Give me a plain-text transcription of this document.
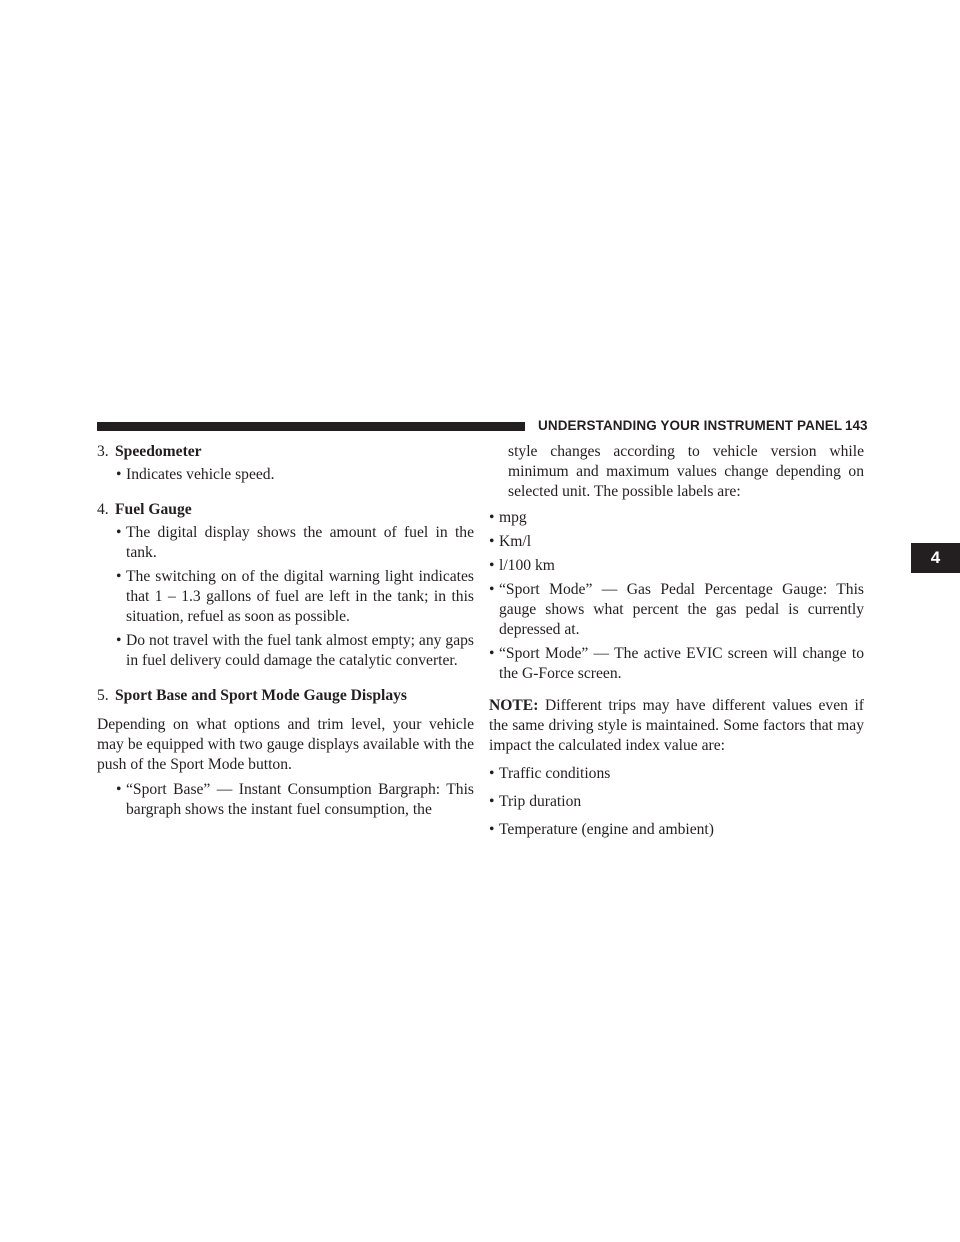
UNDERSTANDING YOUR INSTRUMENT PANEL 143
4
3. Speedometer
• Indicates vehicle speed.
4. Fuel Gauge
• The digital display shows the amount of fuel in the tank.
• The switching on of the digital warning light indicates that 1 – 1.3 gallons of fuel are left in the tank; in this situation, refuel as soon as possible.
• Do not travel with the fuel tank almost empty; any gaps in fuel delivery could damage the catalytic converter.
5. Sport Base and Sport Mode Gauge Displays

Depending on what options and trim level, your vehicle may be equipped with two gauge displays available with the push of the Sport Mode button.

• “Sport Base” — Instant Consumption Bargraph: This bargraph shows the instant fuel consumption, the

style changes according to vehicle version while minimum and maximum values change depending on selected unit. The possible labels are:

• mpg
• Km/l
• l/100 km
• “Sport Mode” — Gas Pedal Percentage Gauge: This gauge shows what percent the gas pedal is currently depressed at.
• “Sport Mode” — The active EVIC screen will change to the G-Force screen.

NOTE: Different trips may have different values even if the same driving style is maintained. Some factors that may impact the calculated index value are:

• Traffic conditions
• Trip duration
• Temperature (engine and ambient)
